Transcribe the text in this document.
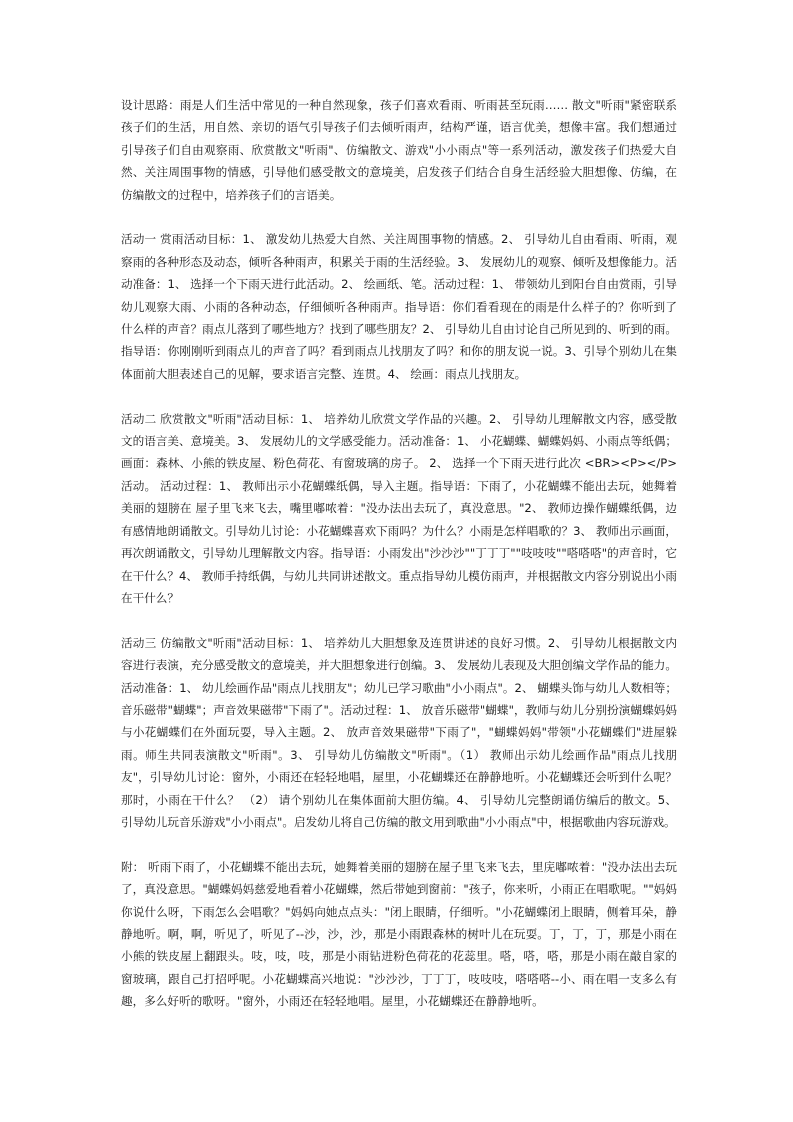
设计思路：雨是人们生活中常见的一种自然现象，孩子们喜欢看雨、听雨甚至玩雨…… 散文"听雨"紧密联系孩子们的生活，用自然、亲切的语气引导孩子们去倾听雨声，结构严谨，语言优美，想像丰富。我们想通过引导孩子们自由观察雨、欣赏散文"听雨"、仿编散文、游戏"小小雨点"等一系列活动，激发孩子们热爱大自然、关注周围事物的情感，引导他们感受散文的意境美，启发孩子们结合自身生活经验大胆想像、仿编，在仿编散文的过程中，培养孩子们的言语美。

活动一 赏雨活动目标：1、 激发幼儿热爱大自然、关注周围事物的情感。2、 引导幼儿自由看雨、听雨，观察雨的各种形态及动态，倾听各种雨声，积累关于雨的生活经验。3、 发展幼儿的观察、倾听及想像能力。活动准备：1、 选择一个下雨天进行此活动。2、 绘画纸、笔。活动过程：1、 带领幼儿到阳台自由赏雨，引导幼儿观察大雨、小雨的各种动态，仔细倾听各种雨声。指导语：你们看看现在的雨是什么样子的？你听到了什么样的声音？雨点儿落到了哪些地方？找到了哪些朋友？2、 引导幼儿自由讨论自己所见到的、听到的雨。指导语：你刚刚听到雨点儿的声音了吗？看到雨点儿找朋友了吗？和你的朋友说一说。3、引导个别幼儿在集体面前大胆表述自己的见解，要求语言完整、连贯。4、 绘画：雨点儿找朋友。

活动二 欣赏散文"听雨"活动目标：1、 培养幼儿欣赏文学作品的兴趣。2、 引导幼儿理解散文内容，感受散文的语言美、意境美。3、 发展幼儿的文学感受能力。活动准备：1、 小花蝴蝶、蝴蝶妈妈、小雨点等纸偶；画面：森林、小熊的铁皮屋、粉色荷花、有窗玻璃的房子。 2、 选择一个下雨天进行此次 <BR><P></P>活动。 活动过程：1、 教师出示小花蝴蝶纸偶，导入主题。指导语：下雨了，小花蝴蝶不能出去玩，她舞着美丽的翅膀在 屋子里飞来飞去，嘴里嘟哝着："没办法出去玩了，真没意思。"2、 教师边操作蝴蝶纸偶，边有感情地朗诵散文。引导幼儿讨论：小花蝴蝶喜欢下雨吗？为什么？小雨是怎样唱歌的？3、 教师出示画面，再次朗诵散文，引导幼儿理解散文内容。指导语：小雨发出"沙沙沙""丁丁丁""吱吱吱""嗒嗒嗒"的声音时，它在干什么？4、 教师手持纸偶，与幼儿共同讲述散文。重点指导幼儿模仿雨声，并根据散文内容分别说出小雨在干什么？

活动三 仿编散文"听雨"活动目标：1、 培养幼儿大胆想象及连贯讲述的良好习惯。2、 引导幼儿根据散文内容进行表演，充分感受散文的意境美，并大胆想象进行创编。3、 发展幼儿表现及大胆创编文学作品的能力。活动准备：1、 幼儿绘画作品"雨点儿找朋友"；幼儿已学习歌曲"小小雨点"。2、 蝴蝶头饰与幼儿人数相等；音乐磁带"蝴蝶"；声音效果磁带"下雨了"。活动过程：1、 放音乐磁带"蝴蝶"，教师与幼儿分别扮演蝴蝶妈妈与小花蝴蝶们在外面玩耍，导入主题。2、 放声音效果磁带"下雨了"，"蝴蝶妈妈"带领"小花蝴蝶们"进屋躲雨。师生共同表演散文"听雨"。3、 引导幼儿仿编散文"听雨"。（1） 教师出示幼儿绘画作品"雨点儿找朋友"，引导幼儿讨论：窗外，小雨还在轻轻地唱，屋里，小花蝴蝶还在静静地听。小花蝴蝶还会听到什么呢？那时，小雨在干什么？ （2） 请个别幼儿在集体面前大胆仿编。4、 引导幼儿完整朗诵仿编后的散文。5、 引导幼儿玩音乐游戏"小小雨点"。启发幼儿将自己仿编的散文用到歌曲"小小雨点"中，根据歌曲内容玩游戏。

附： 听雨下雨了，小花蝴蝶不能出去玩，她舞着美丽的翅膀在屋子里飞来飞去，里庑嘟哝着："没办法出去玩了，真没意思。"蝴蝶妈妈慈爱地看着小花蝴蝶，然后带她到窗前："孩子，你来听，小雨正在唱歌呢。""妈妈你说什么呀，下雨怎么会唱歌？"妈妈向她点点头："闭上眼睛，仔细听。"小花蝴蝶闭上眼睛，侧着耳朵，静静地听。啊，啊，听见了，听见了--沙，沙，沙，那是小雨跟森林的树叶儿在玩耍。丁，丁，丁，那是小雨在小熊的铁皮屋上翻跟头。吱，吱，吱，那是小雨钻进粉色荷花的花蕊里。嗒，嗒，嗒，那是小雨在敲自家的窗玻璃，跟自己打招呼呢。小花蝴蝶高兴地说："沙沙沙，丁丁丁，吱吱吱，嗒嗒嗒--小、雨在唱一支多么有趣，多么好听的歌呀。"窗外，小雨还在轻轻地唱。屋里，小花蝴蝶还在静静地听。
